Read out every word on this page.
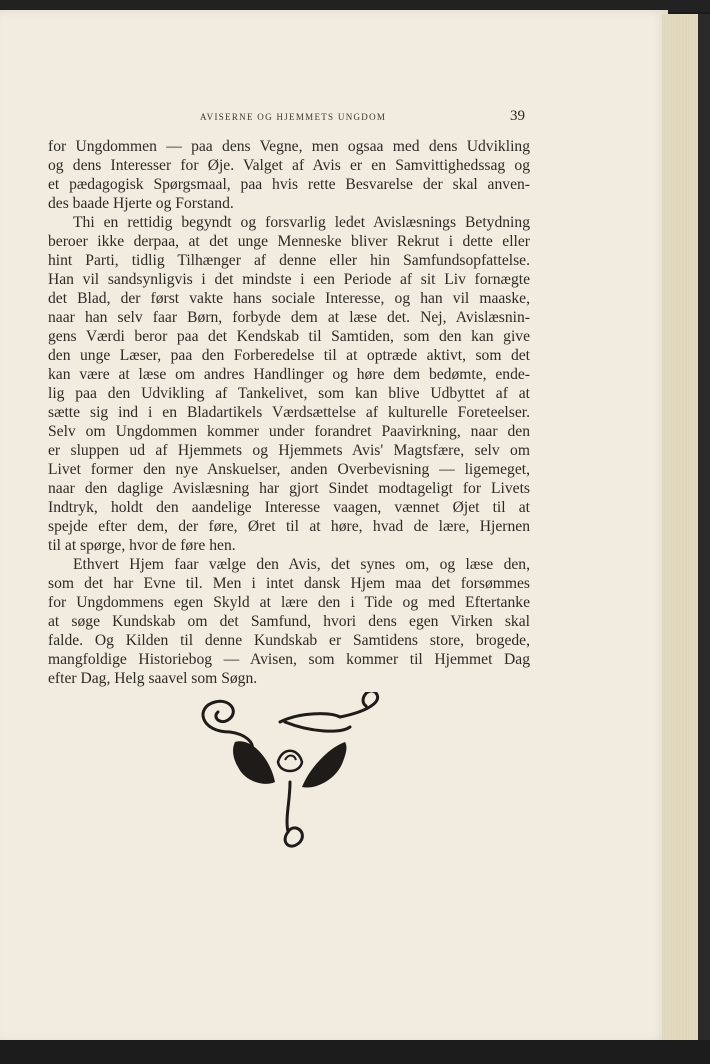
AVISERNE OG HJEMMETS UNGDOM	39
for Ungdommen — paa dens Vegne, men ogsaa med dens Udvikling
og dens Interesser for Øje. Valget af Avis er en Samvittighedssag og
et pædagogisk Spørgsmaal, paa hvis rette Besvarelse der skal anven-
des baade Hjerte og Forstand.
Thi en rettidig begyndt og forsvarlig ledet Avislæsnings Betydning
beroer ikke derpaa, at det unge Menneske bliver Rekrut i dette eller
hint Parti, tidlig Tilhænger af denne eller hin Samfundsopfattelse.
Han vil sandsynligvis i det mindste i een Periode af sit Liv fornægte
det Blad, der først vakte hans sociale Interesse, og han vil maaske,
naar han selv faar Børn, forbyde dem at læse det. Nej, Avislæsnin-
gens Værdi beror paa det Kendskab til Samtiden, som den kan give
den unge Læser, paa den Forberedelse til at optræde aktivt, som det
kan være at læse om andres Handlinger og høre dem bedømte, ende-
lig paa den Udvikling af Tankelivet, som kan blive Udbyttet af at
sætte sig ind i en Bladartikels Værdsættelse af kulturelle Foreteelser.
Selv om Ungdommen kommer under forandret Paavirkning, naar den
er sluppen ud af Hjemmets og Hjemmets Avis' Magtsfære, selv om
Livet former den nye Anskuelser, anden Overbevisning — ligemeget,
naar den daglige Avislæsning har gjort Sindet modtageligt for Livets
Indtryk, holdt den aandelige Interesse vaagen, vænnet Øjet til at
spejde efter dem, der føre, Øret til at høre, hvad de lære, Hjernen
til at spørge, hvor de føre hen.
Ethvert Hjem faar vælge den Avis, det synes om, og læse den,
som det har Evne til. Men i intet dansk Hjem maa det forsømmes
for Ungdommens egen Skyld at lære den i Tide og med Eftertanke
at søge Kundskab om det Samfund, hvori dens egen Virken skal
falde. Og Kilden til denne Kundskab er Samtidens store, brogede,
mangfoldige Historiebog — Avisen, som kommer til Hjemmet Dag
efter Dag, Helg saavel som Søgn.
